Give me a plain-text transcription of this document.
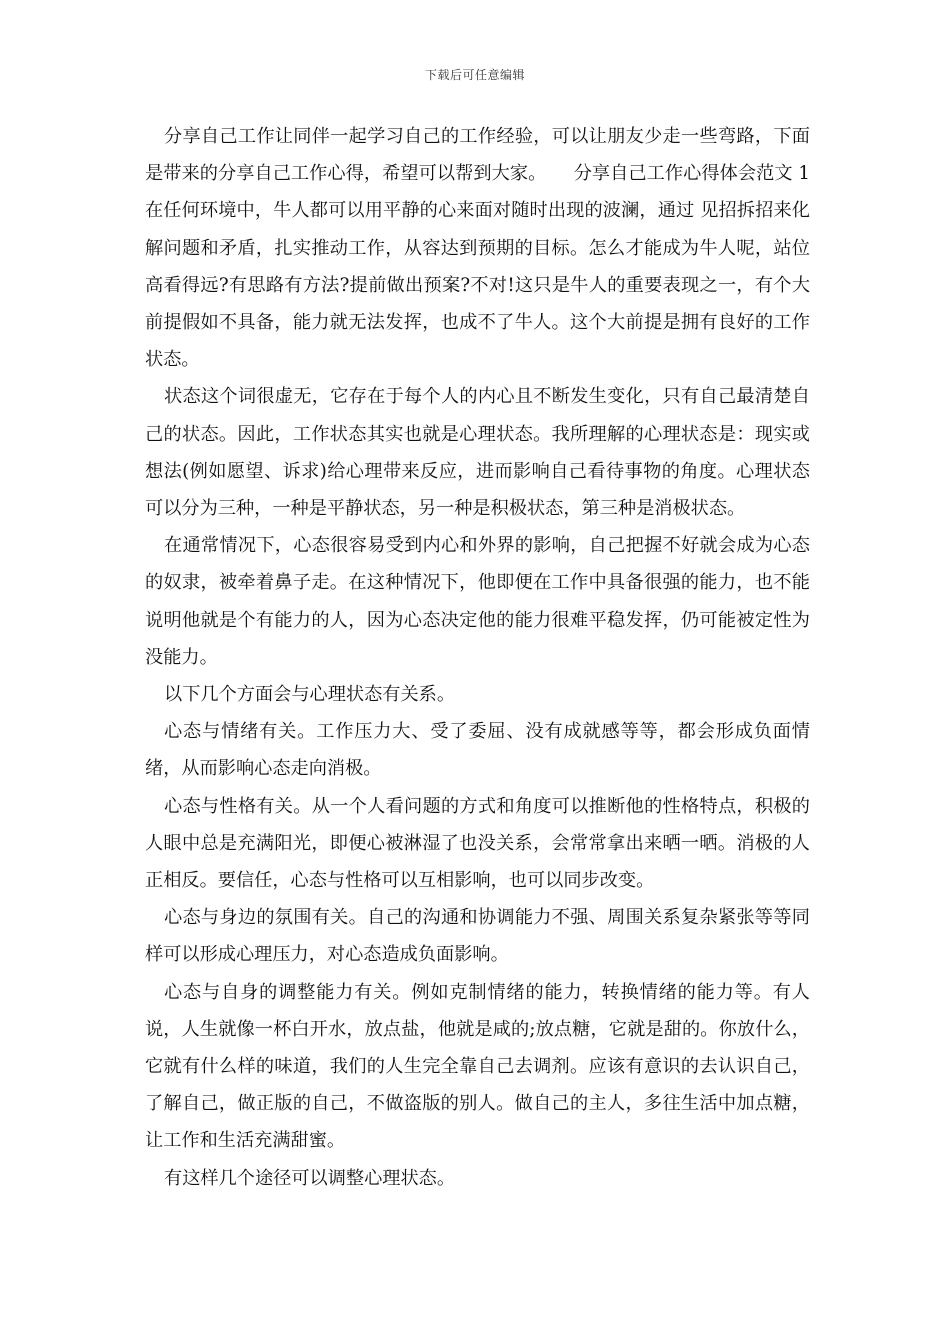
下载后可任意编辑

分享自己工作让同伴一起学习自己的工作经验，可以让朋友少走一些弯路，下面是带来的分享自己工作心得，希望可以帮到大家。　　分享自己工作心得体会范文 1　在任何环境中，牛人都可以用平静的心来面对随时出现的波澜，通过 见招拆招来化解问题和矛盾，扎实推动工作，从容达到预期的目标。怎么才能成为牛人呢，站位高看得远?有思路有方法?提前做出预案?不对!这只是牛人的重要表现之一，有个大前提假如不具备，能力就无法发挥，也成不了牛人。这个大前提是拥有良好的工作状态。

状态这个词很虚无，它存在于每个人的内心且不断发生变化，只有自己最清楚自己的状态。因此，工作状态其实也就是心理状态。我所理解的心理状态是：现实或想法(例如愿望、诉求)给心理带来反应，进而影响自己看待事物的角度。心理状态可以分为三种，一种是平静状态，另一种是积极状态，第三种是消极状态。

在通常情况下，心态很容易受到内心和外界的影响，自己把握不好就会成为心态的奴隶，被牵着鼻子走。在这种情况下，他即便在工作中具备很强的能力，也不能说明他就是个有能力的人，因为心态决定他的能力很难平稳发挥，仍可能被定性为没能力。

以下几个方面会与心理状态有关系。

心态与情绪有关。工作压力大、受了委屈、没有成就感等等，都会形成负面情绪，从而影响心态走向消极。

心态与性格有关。从一个人看问题的方式和角度可以推断他的性格特点，积极的人眼中总是充满阳光，即便心被淋湿了也没关系，会常常拿出来晒一晒。消极的人正相反。要信任，心态与性格可以互相影响，也可以同步改变。

心态与身边的氛围有关。自己的沟通和协调能力不强、周围关系复杂紧张等等同样可以形成心理压力，对心态造成负面影响。

心态与自身的调整能力有关。例如克制情绪的能力，转换情绪的能力等。有人说，人生就像一杯白开水，放点盐，他就是咸的;放点糖，它就是甜的。你放什么，它就有什么样的味道，我们的人生完全靠自己去调剂。应该有意识的去认识自己，了解自己，做正版的自己，不做盗版的别人。做自己的主人，多往生活中加点糖，让工作和生活充满甜蜜。

有这样几个途径可以调整心理状态。
